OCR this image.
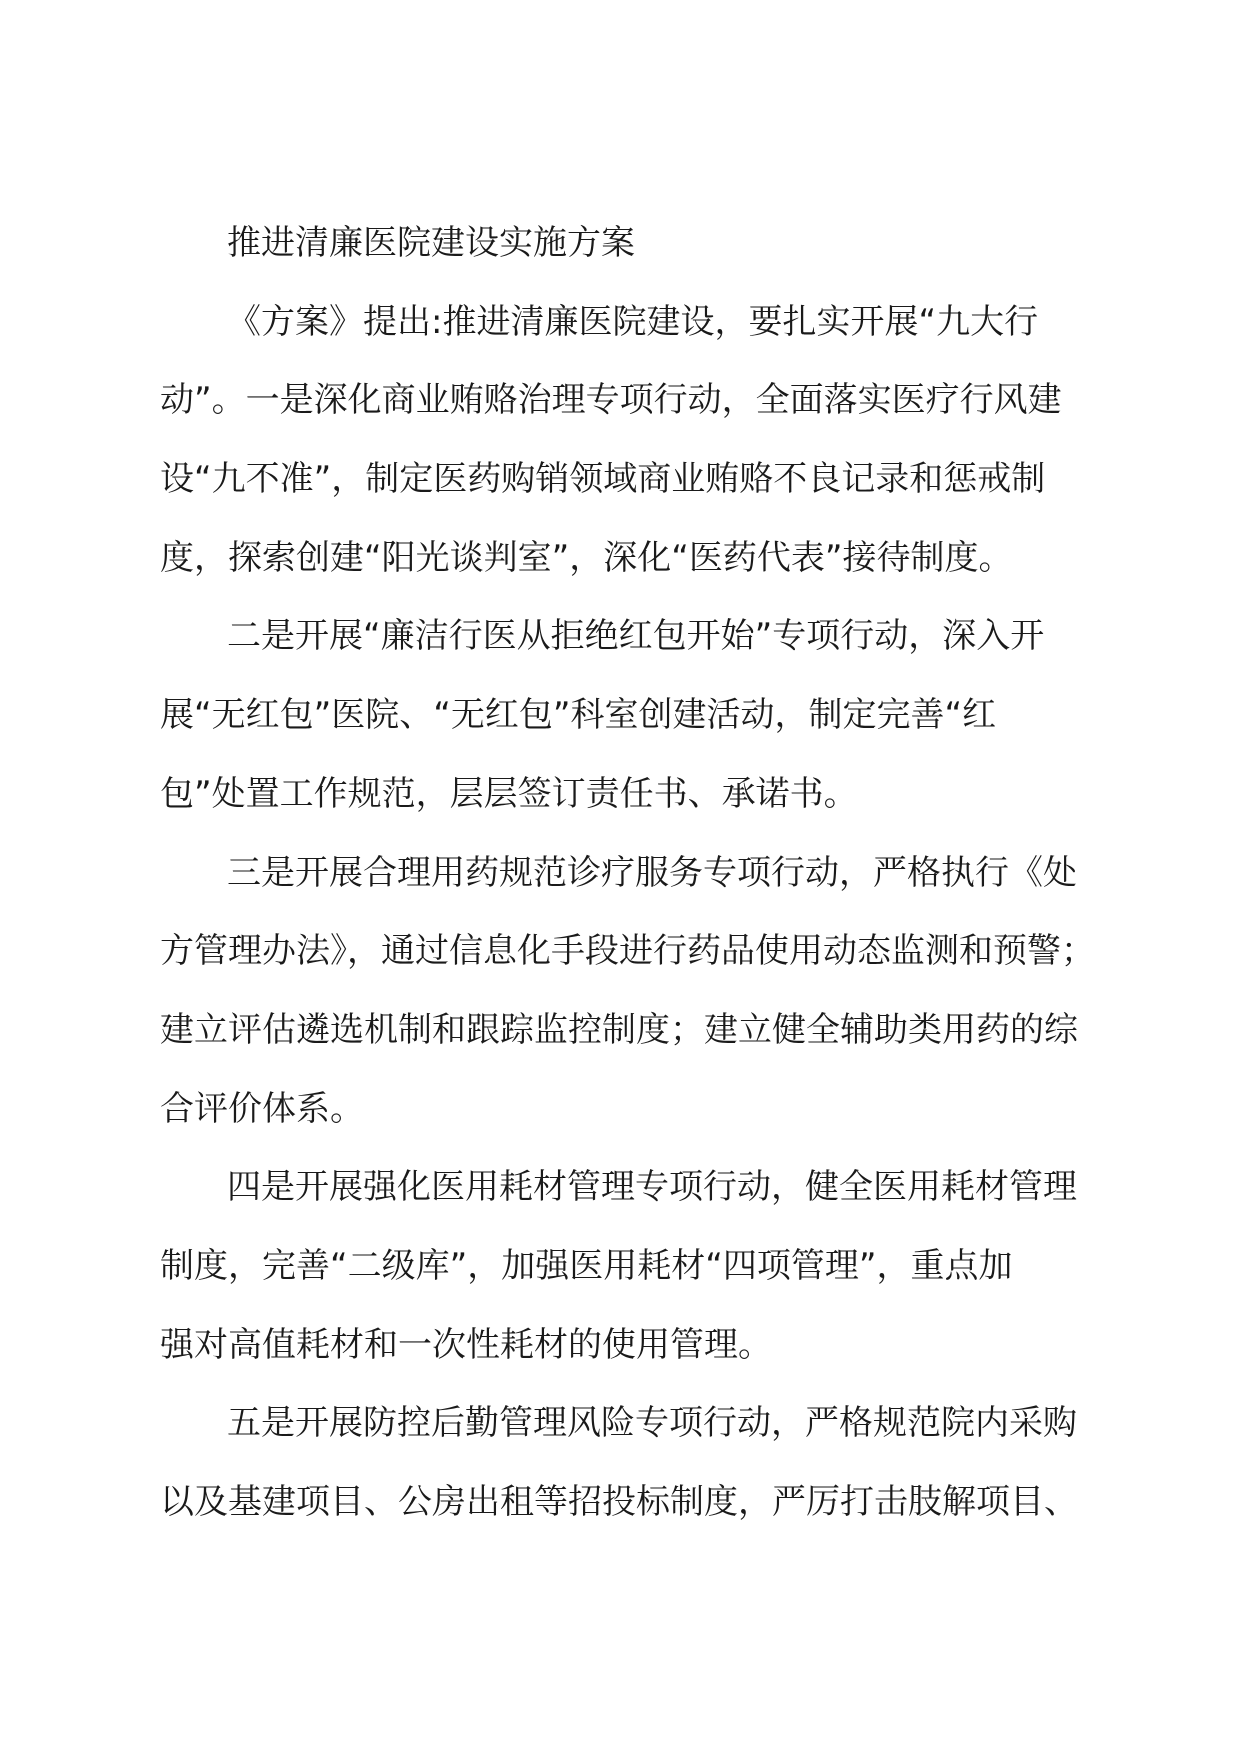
推进清廉医院建设实施方案
《方案》提出:推进清廉医院建设，要扎实开展“九大行
动”。一是深化商业贿赂治理专项行动，全面落实医疗行风建
设“九不准”，制定医药购销领域商业贿赂不良记录和惩戒制
度，探索创建“阳光谈判室”，深化“医药代表”接待制度。
二是开展“廉洁行医从拒绝红包开始”专项行动，深入开
展“无红包”医院、“无红包”科室创建活动，制定完善“红
包”处置工作规范，层层签订责任书、承诺书。
三是开展合理用药规范诊疗服务专项行动，严格执行《处
方管理办法》，通过信息化手段进行药品使用动态监测和预警；
建立评估遴选机制和跟踪监控制度；建立健全辅助类用药的综
合评价体系。
四是开展强化医用耗材管理专项行动，健全医用耗材管理
制度，完善“二级库”，加强医用耗材“四项管理”，重点加
强对高值耗材和一次性耗材的使用管理。
五是开展防控后勤管理风险专项行动，严格规范院内采购
以及基建项目、公房出租等招投标制度，严厉打击肢解项目、
